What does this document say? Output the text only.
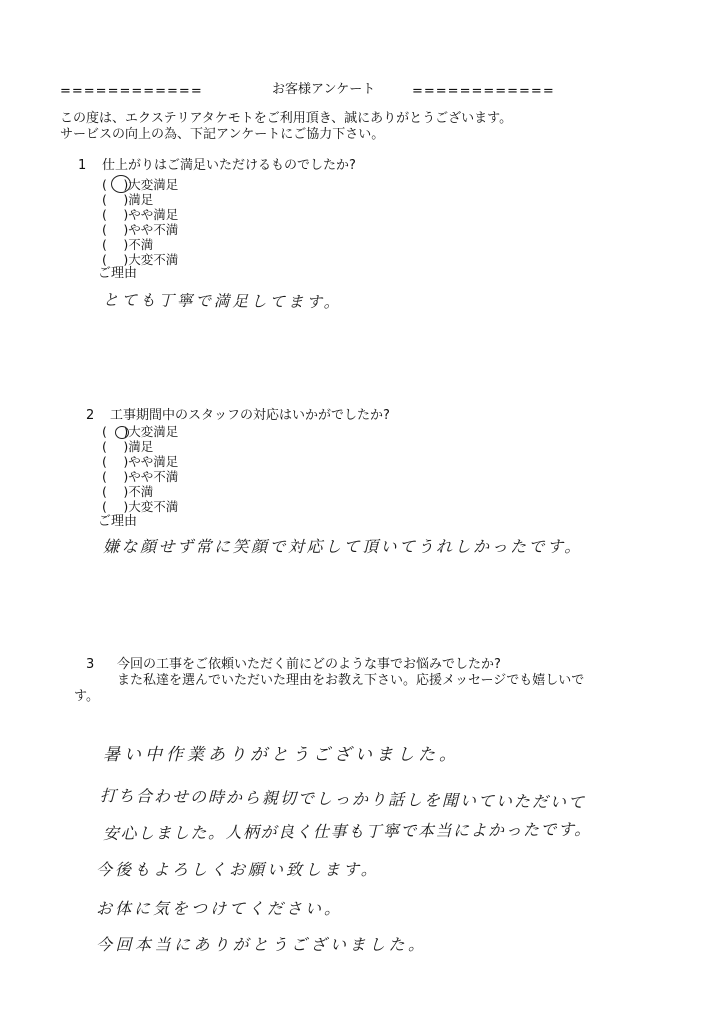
============	お客様アンケート	============
この度は、エクステリアタケモトをご利用頂き、誠にありがとうございます。
サービスの向上の為、下記アンケートにご協力下さい。
1 仕上がりはご満足いただけるものでしたか?
(　 )大変満足
(　 )満足
(　 )やや満足
(　 )やや不満
(　 )不満
(　 )大変不満
ご理由
とても丁寧で満足してます。
2 工事期間中のスタッフの対応はいかがでしたか?
(　 )大変満足
(　 )満足
(　 )やや満足
(　 )やや不満
(　 )不満
(　 )大変不満
ご理由
嫌な顔せず常に笑顔で対応して頂いてうれしかったです。
3 今回の工事をご依頼いただく前にどのような事でお悩みでしたか?
また私達を選んでいただいた理由をお教え下さい。応援メッセージでも嬉しいで
す。
暑い中作業ありがとうございました。
打ち合わせの時から親切でしっかり話しを聞いていただいて
安心しました。人柄が良く仕事も丁寧で本当によかったです。
今後もよろしくお願い致します。
お体に気をつけてください。
今回本当にありがとうございました。
